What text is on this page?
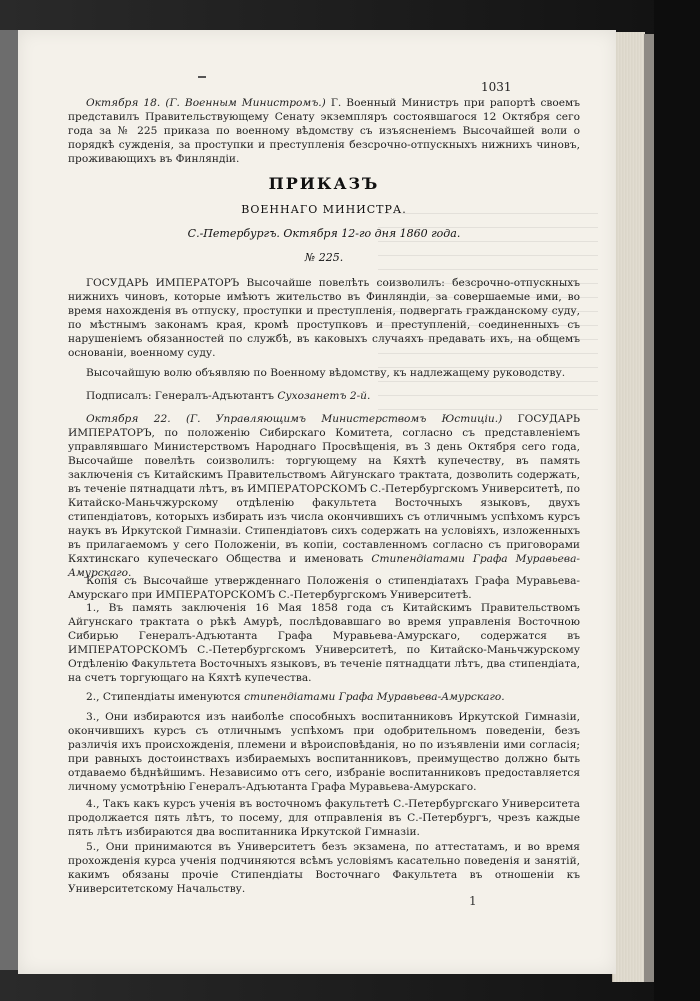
1031

Октября 18. (Г. Военным Министромъ.) Г. Военный Министръ при рапортѣ своемъ представилъ Правительствующему Сенату экземпляръ состоявшагося 12 Октября сего года за № 225 приказа по военному вѣдомству съ изъясненіемъ Высочайшей воли о порядкѣ сужденія, за проступки и преступленія безсрочно-отпускныхъ нижнихъ чиновъ, проживающихъ въ Финляндіи.

ПРИКАЗЪ
ВОЕННАГО МИНИСТРА.
С.-Петербургъ. Октября 12-го дня 1860 года.
№ 225.

ГОСУДАРЬ ИМПЕРАТОРЪ Высочайше повелѣть соизволилъ: безсрочно-отпускныхъ нижнихъ чиновъ, которые имѣютъ жительство въ Финляндіи, за совершаемые ими, во время нахожденія въ отпуску, проступки и преступленія, подвергать гражданскому суду, по мѣстнымъ законамъ края, кромѣ проступковъ и преступленій, соединенныхъ съ нарушеніемъ обязанностей по службѣ, въ каковыхъ случаяхъ предавать ихъ, на общемъ основаніи, военному суду.

Высочайшую волю объявляю по Военному вѣдомству, къ надлежащему руководству.

Подписалъ: Генералъ-Адъютантъ Сухозанетъ 2-й.

Октября 22. (Г. Управляющимъ Министерствомъ Юстиціи.) ГОСУДАРЬ ИМПЕРАТОРЪ, по положенію Сибирскаго Комитета, согласно съ представленіемъ управлявшаго Министерствомъ Народнаго Просвѣщенія, въ 3 день Октября сего года, Высочайше повелѣть соизволилъ: торгующему на Кяхтѣ купечеству, въ память заключенія съ Китайскимъ Правительствомъ Айгунскаго трактата, дозволить содержать, въ теченіе пятнадцати лѣтъ, въ ИМПЕРАТОРСКОМЪ С.-Петербургскомъ Университетѣ, по Китайско-Маньчжурскому отдѣленію факультета Восточныхъ языковъ, двухъ стипендіатовъ, которыхъ избирать изъ числа окончившихъ съ отличнымъ успѣхомъ курсъ наукъ въ Иркутской Гимназіи. Стипендіатовъ сихъ содержать на условіяхъ, изложенныхъ въ прилагаемомъ у сего Положеніи, въ копіи, составленномъ согласно съ приговорами Кяхтинскаго купеческаго Общества и именовать Стипендіатами Графа Муравьева-Амурскаго.

Копія съ Высочайше утвержденнаго Положенія о стипендіатахъ Графа Муравьева-Амурскаго при ИМПЕРАТОРСКОМЪ С.-Петербургскомъ Университетѣ.

1., Въ память заключенія 16 Мая 1858 года съ Китайскимъ Правительствомъ Айгунскаго трактата о рѣкѣ Амурѣ, послѣдовавшаго во время управленія Восточною Сибирью Генералъ-Адъютанта Графа Муравьева-Амурскаго, содержатся въ ИМПЕРАТОРСКОМЪ С.-Петербургскомъ Университетѣ, по Китайско-Маньчжурскому Отдѣленію Факультета Восточныхъ языковъ, въ теченіе пятнадцати лѣтъ, два стипендіата, на счетъ торгующаго на Кяхтѣ купечества.

2., Стипендіаты именуются стипендіатами Графа Муравьева-Амурскаго.

3., Они избираются изъ наиболѣе способныхъ воспитанниковъ Иркутской Гимназіи, окончившихъ курсъ съ отличнымъ успѣхомъ при одобрительномъ поведеніи, безъ различія ихъ происхожденія, племени и вѣроисповѣданія, но по изъявленіи ими согласія; при равныхъ достоинствахъ избираемыхъ воспитанниковъ, преимущество должно быть отдаваемо бѣднѣйшимъ. Независимо отъ сего, избраніе воспитанниковъ предоставляется личному усмотрѣнію Генералъ-Адъютанта Графа Муравьева-Амурскаго.

4., Такъ какъ курсъ ученія въ восточномъ факультетѣ С.-Петербургскаго Университета продолжается пять лѣтъ, то посему, для отправленія въ С.-Петербургъ, чрезъ каждые пять лѣтъ избираются два воспитанника Иркутской Гимназіи.

5., Они принимаются въ Университетъ безъ экзамена, по аттестатамъ, и во время прохожденія курса ученія подчиняются всѣмъ условіямъ касательно поведенія и занятій, какимъ обязаны прочіе Стипендіаты Восточнаго Факультета въ отношеніи къ Университетскому Начальству.

1
